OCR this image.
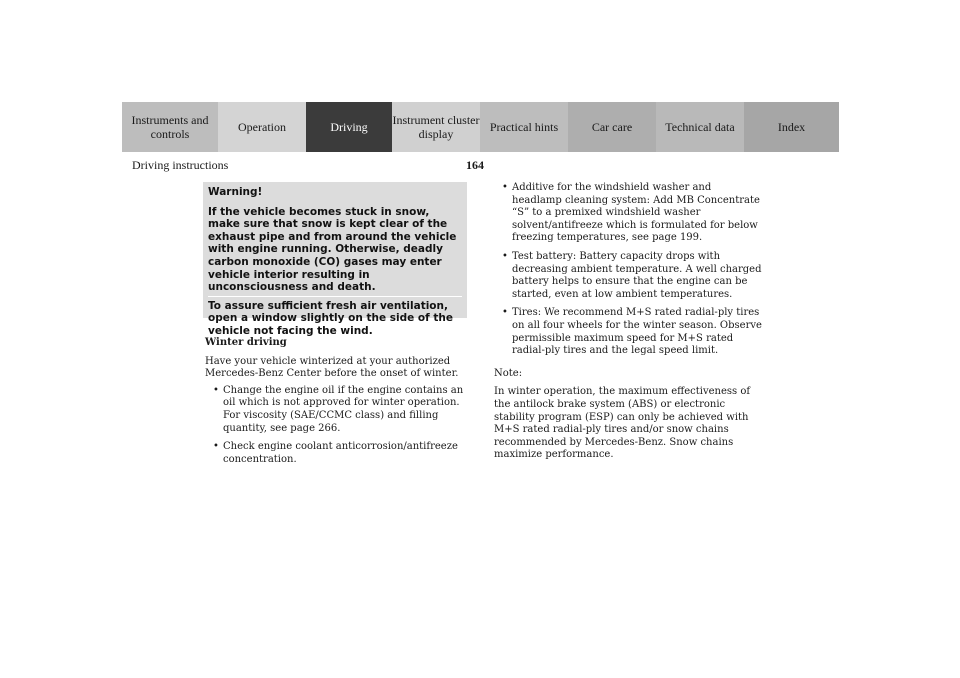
Instruments and controls	Operation	Driving	Instrument cluster display	Practical hints	Car care	Technical data	Index
Driving instructions	164
Warning!
If the vehicle becomes stuck in snow, make sure that snow is kept clear of the exhaust pipe and from around the vehicle with engine running. Otherwise, deadly carbon monoxide (CO) gases may enter vehicle interior resulting in unconsciousness and death.
To assure sufficient fresh air ventilation, open a window slightly on the side of the vehicle not facing the wind.
Winter driving
Have your vehicle winterized at your authorized Mercedes-Benz Center before the onset of winter.
• Change the engine oil if the engine contains an oil which is not approved for winter operation. For viscosity (SAE/CCMC class) and filling quantity, see page 266.
• Check engine coolant anticorrosion/antifreeze concentration.
• Additive for the windshield washer and headlamp cleaning system: Add MB Concentrate “S” to a premixed windshield washer solvent/antifreeze which is formulated for below freezing temperatures, see page 199.
• Test battery: Battery capacity drops with decreasing ambient temperature. A well charged battery helps to ensure that the engine can be started, even at low ambient temperatures.
• Tires: We recommend M+S rated radial-ply tires on all four wheels for the winter season. Observe permissible maximum speed for M+S rated radial-ply tires and the legal speed limit.
Note:
In winter operation, the maximum effectiveness of the antilock brake system (ABS) or electronic stability program (ESP) can only be achieved with M+S rated radial-ply tires and/or snow chains recommended by Mercedes-Benz. Snow chains maximize performance.
